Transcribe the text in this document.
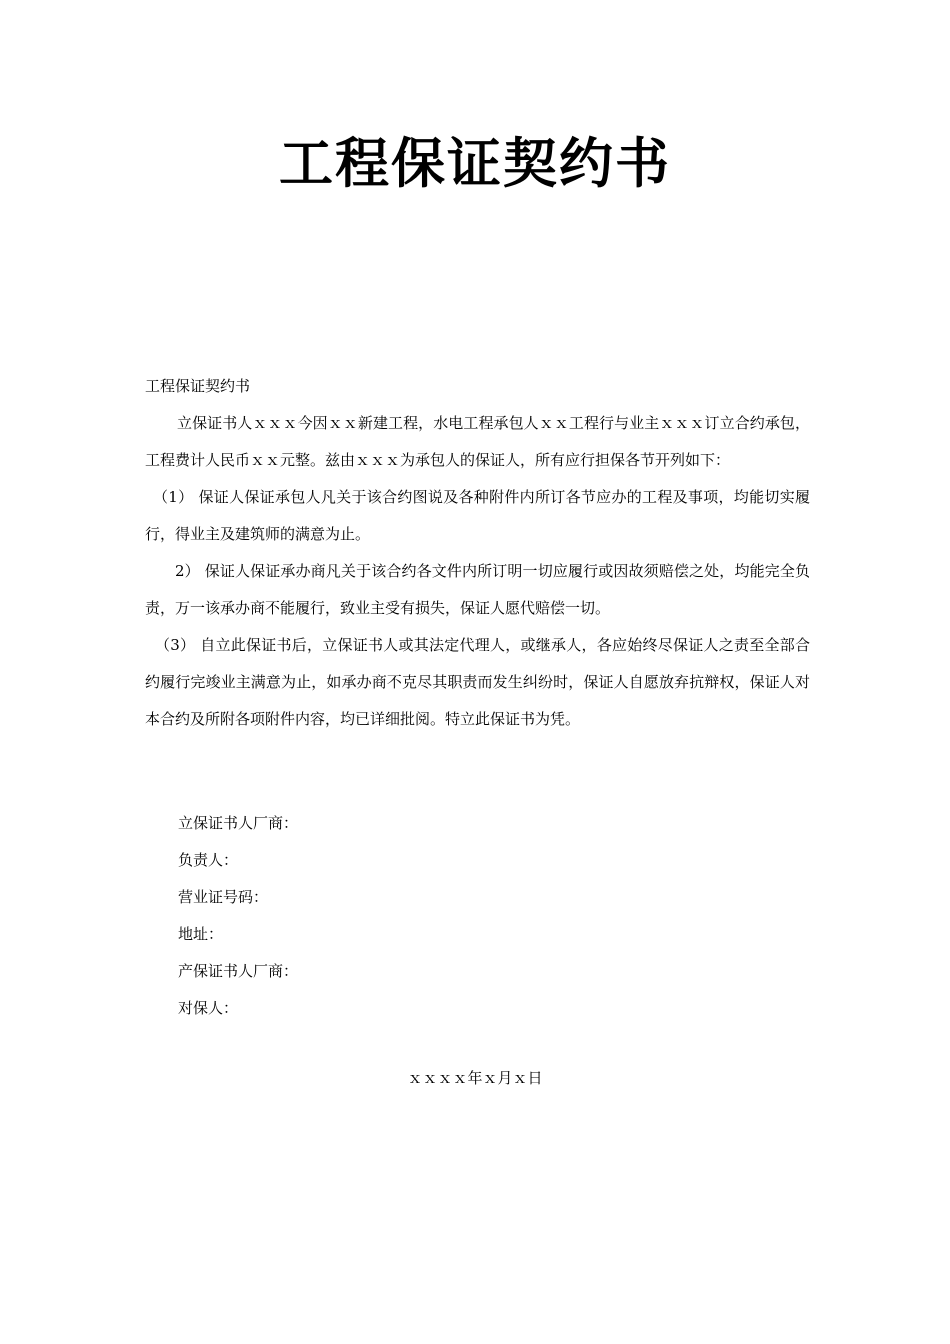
工程保证契约书

工程保证契约书

立保证书人ｘｘｘ今因ｘｘ新建工程，水电工程承包人ｘｘ工程行与业主ｘｘｘ订立合约承包，工程费计人民币ｘｘ元整。兹由ｘｘｘ为承包人的保证人，所有应行担保各节开列如下：

（1） 保证人保证承包人凡关于该合约图说及各种附件内所订各节应办的工程及事项，均能切实履行，得业主及建筑师的满意为止。

2） 保证人保证承办商凡关于该合约各文件内所订明一切应履行或因故须赔偿之处，均能完全负责，万一该承办商不能履行，致业主受有损失，保证人愿代赔偿一切。

（3） 自立此保证书后，立保证书人或其法定代理人，或继承人，各应始终尽保证人之责至全部合约履行完竣业主满意为止，如承办商不克尽其职责而发生纠纷时，保证人自愿放弃抗辩权，保证人对本合约及所附各项附件内容，均已详细批阅。特立此保证书为凭。

立保证书人厂商：
负责人：
营业证号码：
地址：
产保证书人厂商：
对保人：
ｘｘｘｘ年ｘ月ｘ日
